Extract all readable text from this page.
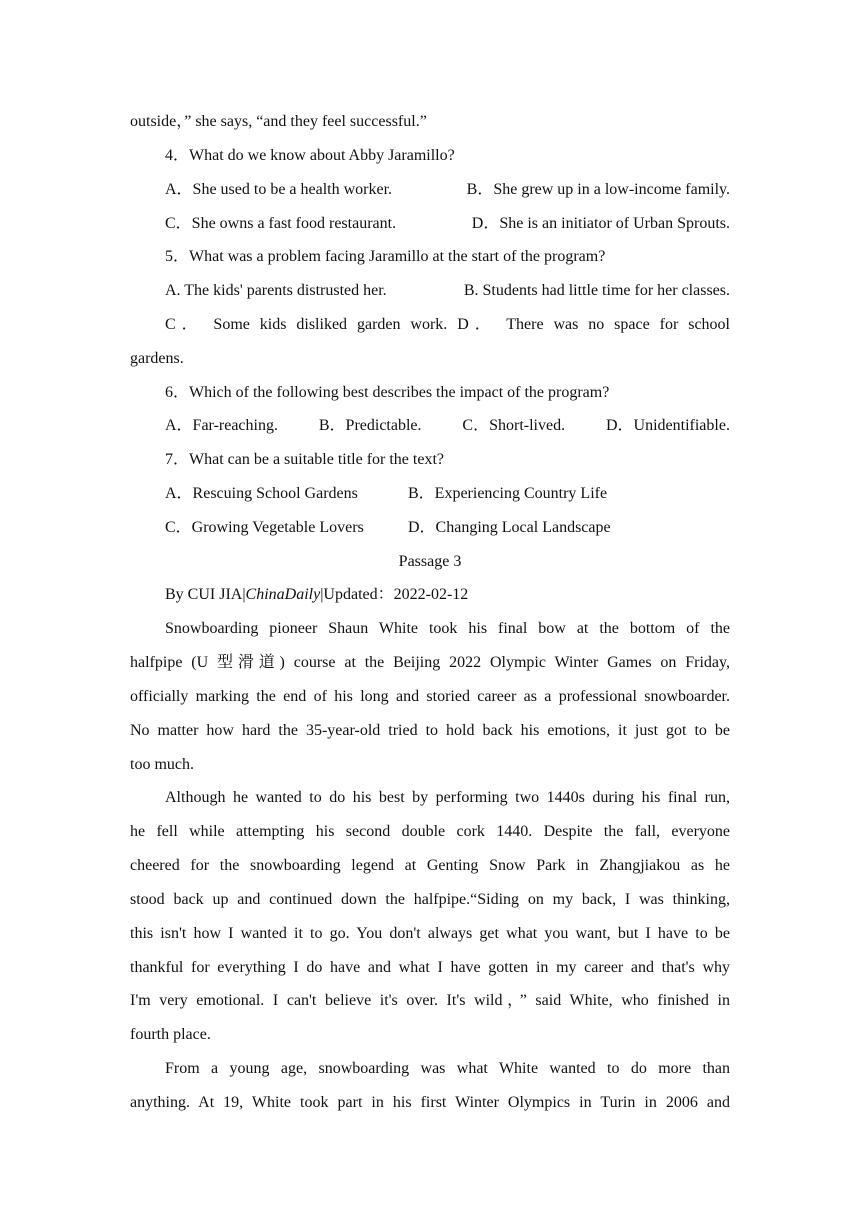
outside，” she says, “and they feel successful.”
4．What do we know about Abby Jaramillo?
A．She used to be a health worker.	B．She grew up in a low-income family.
C．She owns a fast food restaurant.	D．She is an initiator of Urban Sprouts.
5．What was a problem facing Jaramillo at the start of the program?
A. The kids' parents distrusted her.	B. Students had little time for her classes.
C． Some kids disliked garden work. D． There was no space for school
gardens.
6．Which of the following best describes the impact of the program?
A．Far-reaching.	B．Predictable.	C．Short-lived.	D．Unidentifiable.
7．What can be a suitable title for the text?
A．Rescuing School Gardens	B．Experiencing Country Life
C．Growing Vegetable Lovers	D．Changing Local Landscape
Passage 3
By CUI JIA|ChinaDaily|Updated：2022-02-12
Snowboarding pioneer Shaun White took his final bow at the bottom of the
halfpipe (U 型滑道) course at the Beijing 2022 Olympic Winter Games on Friday,
officially marking the end of his long and storied career as a professional snowboarder.
No matter how hard the 35-year-old tried to hold back his emotions, it just got to be
too much.
Although he wanted to do his best by performing two 1440s during his final run,
he fell while attempting his second double cork 1440. Despite the fall, everyone
cheered for the snowboarding legend at Genting Snow Park in Zhangjiakou as he
stood back up and continued down the halfpipe.“Siding on my back, I was thinking,
this isn't how I wanted it to go. You don't always get what you want, but I have to be
thankful for everything I do have and what I have gotten in my career and that's why
I'm very emotional. I can't believe it's over. It's wild，” said White, who finished in
fourth place.
From a young age, snowboarding was what White wanted to do more than
anything. At 19, White took part in his first Winter Olympics in Turin in 2006 and
